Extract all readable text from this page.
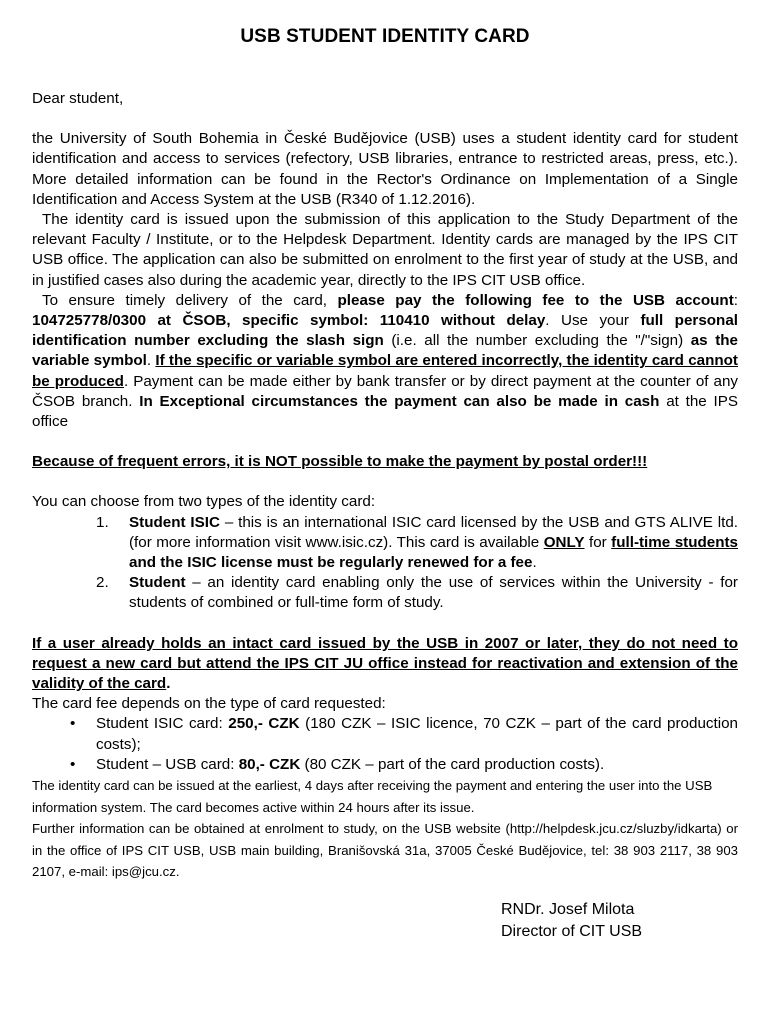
USB STUDENT IDENTITY CARD

Dear student,

the University of South Bohemia in České Budějovice (USB) uses a student identity card for student identification and access to services (refectory, USB libraries, entrance to restricted areas, press, etc.). More detailed information can be found in the Rector's Ordinance on Implementation of a Single Identification and Access System at the USB (R340 of 1.12.2016).

The identity card is issued upon the submission of this application to the Study Department of the relevant Faculty / Institute, or to the Helpdesk Department. Identity cards are managed by the IPS CIT USB office. The application can also be submitted on enrolment to the first year of study at the USB, and in justified cases also during the academic year, directly to the IPS CIT USB office.

To ensure timely delivery of the card, please pay the following fee to the USB account: 104725778/0300 at ČSOB, specific symbol: 110410 without delay. Use your full personal identification number excluding the slash sign (i.e. all the number excluding the "/"sign) as the variable symbol. If the specific or variable symbol are entered incorrectly, the identity card cannot be produced. Payment can be made either by bank transfer or by direct payment at the counter of any ČSOB branch. In Exceptional circumstances the payment can also be made in cash at the IPS office

Because of frequent errors, it is NOT possible to make the payment by postal order!!!

You can choose from two types of the identity card:

1. Student ISIC – this is an international ISIC card licensed by the USB and GTS ALIVE ltd. (for more information visit www.isic.cz). This card is available ONLY for full-time students and the ISIC license must be regularly renewed for a fee.
2. Student – an identity card enabling only the use of services within the University - for students of combined or full-time form of study.

If a user already holds an intact card issued by the USB in 2007 or later, they do not need to request a new card but attend the IPS CIT JU office instead for reactivation and extension of the validity of the card.

The card fee depends on the type of card requested:

• Student ISIC card: 250,- CZK (180 CZK – ISIC licence, 70 CZK – part of the card production costs);
• Student – USB card: 80,- CZK (80 CZK – part of the card production costs).

The identity card can be issued at the earliest, 4 days after receiving the payment and entering the user into the USB information system. The card becomes active within 24 hours after its issue.

Further information can be obtained at enrolment to study, on the USB website (http://helpdesk.jcu.cz/sluzby/idkarta) or in the office of IPS CIT USB, USB main building, Branišovská 31a, 37005 České Budějovice, tel: 38 903 2117, 38 903 2107, e-mail: ips@jcu.cz.

RNDr. Josef Milota
Director of CIT USB
